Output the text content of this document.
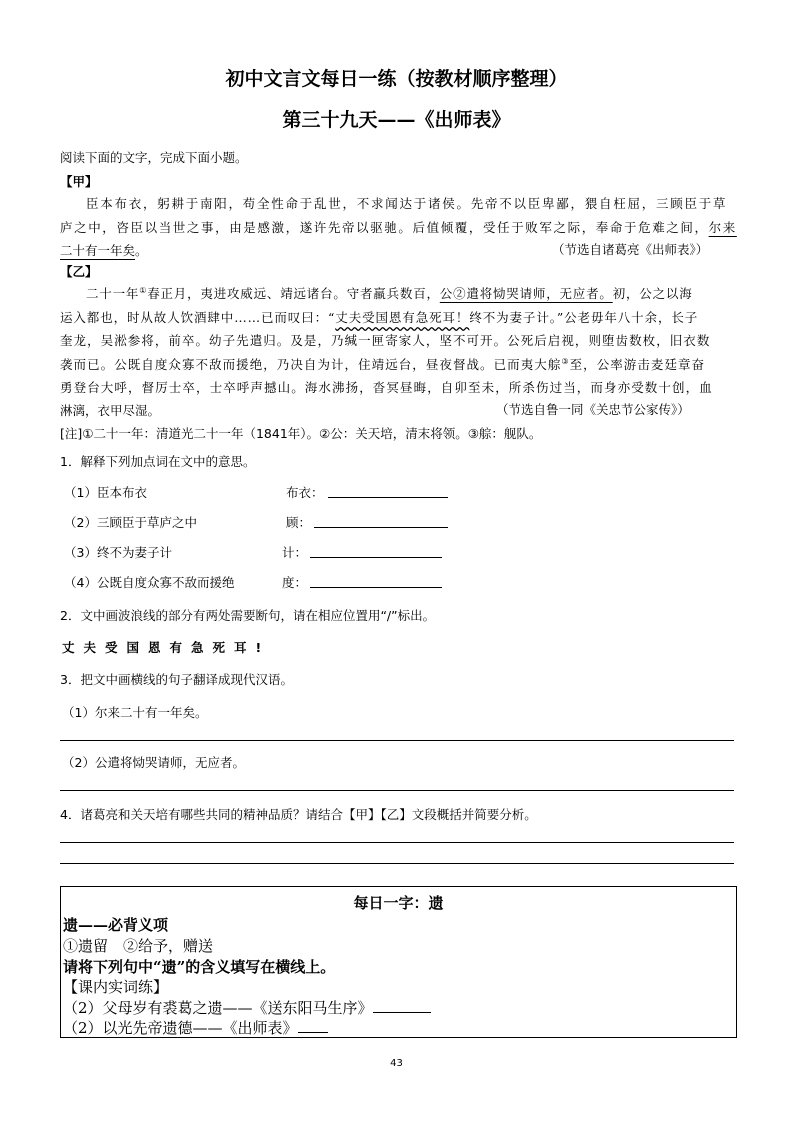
初中文言文每日一练（按教材顺序整理）
第三十九天——《出师表》
阅读下面的文字，完成下面小题。
【甲】
臣本布衣，躬耕于南阳，苟全性命于乱世，不求闻达于诸侯。先帝不以臣卑鄙，猥自枉屈，三顾臣于草
庐之中，咨臣以当世之事，由是感激，遂许先帝以驱驰。后值倾覆，受任于败军之际，奉命于危难之间，尔来
二十有一年矣。	（节选自诸葛亮《出师表》）
【乙】
二十一年①春正月，夷进攻威远、靖远诸台。守者羸兵数百，公②遣将恸哭请师，无应者。初，公之以海
运入都也，时从故人饮酒肆中……已而叹曰：“丈夫受国恩有急死耳！终不为妻子计。”公老毋年八十余，长子
奎龙，吴淞参将，前卒。幼子先遣归。及是，乃缄一匣寄家人，坚不可开。公死后启视，则堕齿数枚，旧衣数
袭而已。公既自度众寡不敌而援绝，乃决自为计，住靖远台，昼夜督战。已而夷大䑸③至，公率游击麦廷章奋
勇登台大呼，督厉士卒，士卒呼声撼山。海水沸扬，沓冥昼晦，自卯至未，所杀伤过当，而身亦受数十创，血
淋漓，衣甲尽湿。	（节选自鲁一同《关忠节公家传》）
[注]①二十一年：清道光二十一年（1841年）。②公：关天培，清末将领。③䑸：舰队。
1．解释下列加点词在文中的意思。
（1）臣本布衣	布衣：
（2）三顾臣于草庐之中	顾：
（3）终不为妻子计	计：
（4）公既自度众寡不敌而援绝	度：
2．文中画波浪线的部分有两处需要断句，请在相应位置用“/”标出。
丈夫受国恩有急死耳!
3．把文中画横线的句子翻译成现代汉语。
（1）尔来二十有一年矣。
（2）公遣将恸哭请师，无应者。
4．诸葛亮和关天培有哪些共同的精神品质？请结合【甲】【乙】文段概括并简要分析。
每日一字：遗
遗——必背义项
①遗留　②给予，赠送
请将下列句中“遗”的含义填写在横线上。
【课内实词练】
（2）父母岁有裘葛之遗——《送东阳马生序》
（2）以光先帝遗德——《出师表》
43
